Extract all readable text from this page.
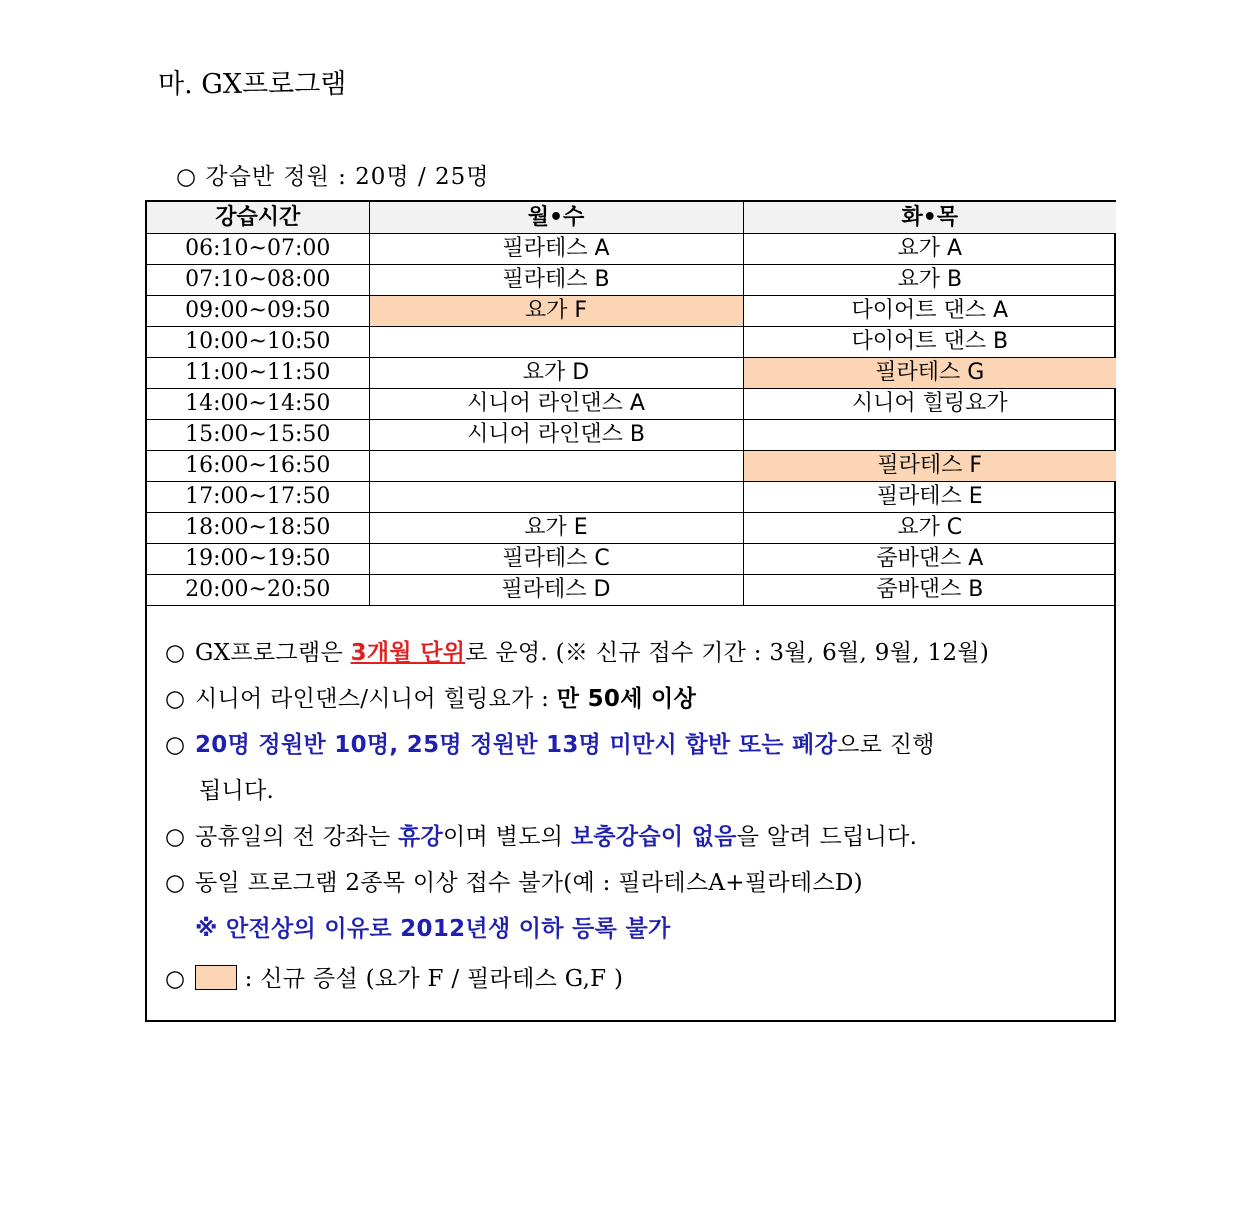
마. GX프로그램
○ 강습반 정원 : 20명 / 25명
강습시간	월•수	화•목
06:10~07:00	필라테스 A	요가 A
07:10~08:00	필라테스 B	요가 B
09:00~09:50	요가 F	다이어트 댄스 A
10:00~10:50		다이어트 댄스 B
11:00~11:50	요가 D	필라테스 G
14:00~14:50	시니어 라인댄스 A	시니어 힐링요가
15:00~15:50	시니어 라인댄스 B	
16:00~16:50		필라테스 F
17:00~17:50		필라테스 E
18:00~18:50	요가 E	요가 C
19:00~19:50	필라테스 C	줌바댄스 A
20:00~20:50	필라테스 D	줌바댄스 B
○ GX프로그램은 3개월 단위로 운영. (※ 신규 접수 기간 : 3월, 6월, 9월, 12월)
○ 시니어 라인댄스/시니어 힐링요가 : 만 50세 이상
○ 20명 정원반 10명, 25명 정원반 13명 미만시 합반 또는 폐강으로 진행
됩니다.
○ 공휴일의 전 강좌는 휴강이며 별도의 보충강습이 없음을 알려 드립니다.
○ 동일 프로그램 2종목 이상 접수 불가(예 : 필라테스A+필라테스D)
※ 안전상의 이유로 2012년생 이하 등록 불가
○	: 신규 증설 (요가 F / 필라테스 G,F )
